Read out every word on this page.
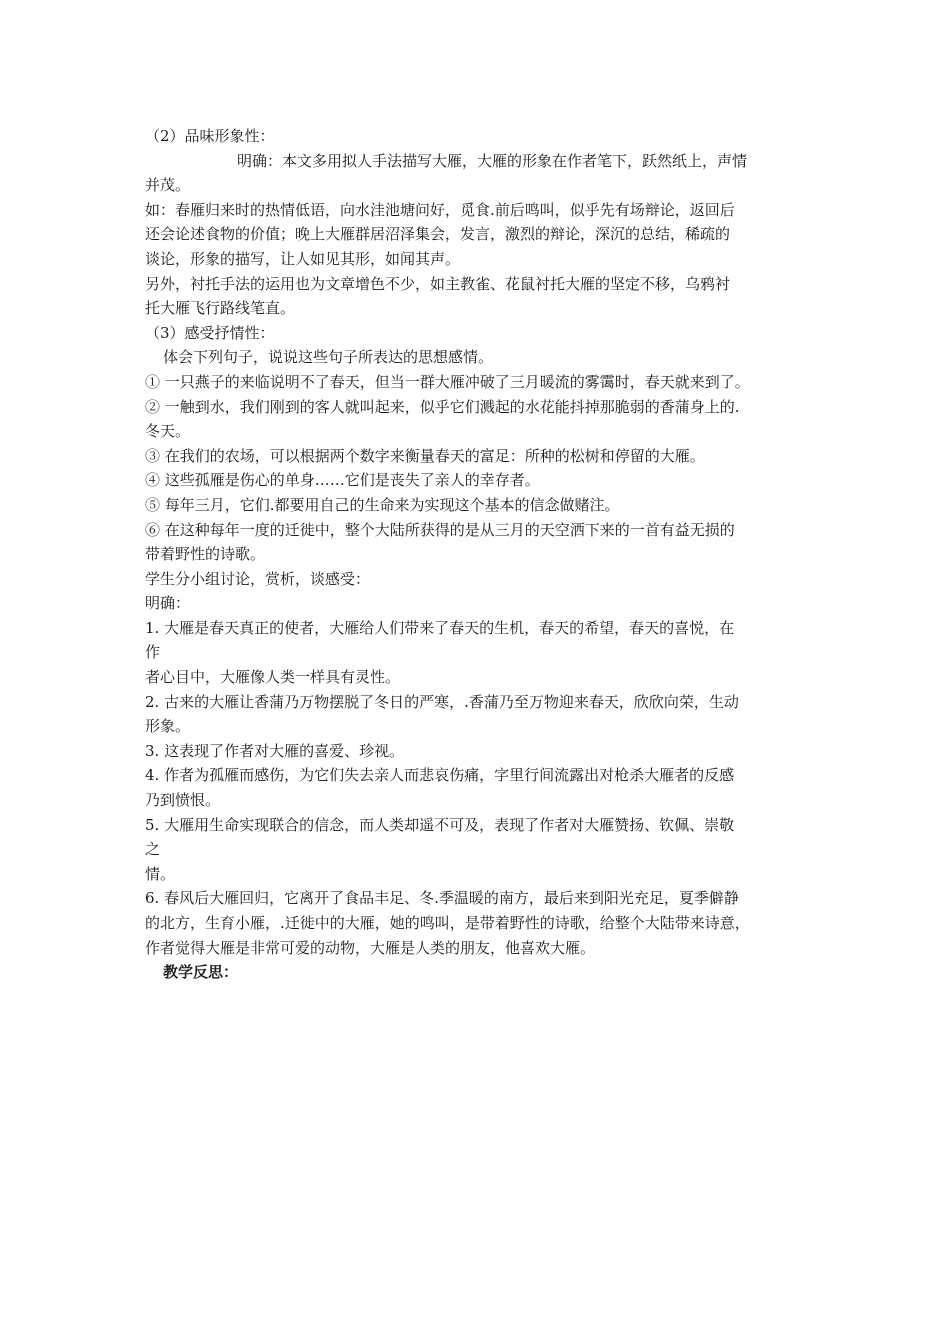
（2）品味形象性：
明确：本文多用拟人手法描写大雁，大雁的形象在作者笔下，跃然纸上，声情
并茂。
如：春雁归来时的热情低语，向水洼池塘问好，觅食.前后鸣叫，似乎先有场辩论，返回后
还会论述食物的价值；晚上大雁群居沼泽集会，发言，激烈的辩论，深沉的总结，稀疏的
谈论，形象的描写，让人如见其形，如闻其声。
另外，衬托手法的运用也为文章增色不少，如主教雀、花鼠衬托大雁的坚定不移，乌鸦衬
托大雁飞行路线笔直。
（3）感受抒情性：
体会下列句子，说说这些句子所表达的思想感情。
① 一只燕子的来临说明不了春天，但当一群大雁冲破了三月暖流的雾霭时，春天就来到了。
② 一触到水，我们刚到的客人就叫起来，似乎它们溅起的水花能抖掉那脆弱的香蒲身上的.
冬天。
③ 在我们的农场，可以根据两个数字来衡量春天的富足：所种的松树和停留的大雁。
④ 这些孤雁是伤心的单身……它们是丧失了亲人的幸存者。
⑤ 每年三月，它们.都要用自己的生命来为实现这个基本的信念做赌注。
⑥ 在这种每年一度的迁徙中，整个大陆所获得的是从三月的天空洒下来的一首有益无损的
带着野性的诗歌。
学生分小组讨论，赏析，谈感受：
明确：
1. 大雁是春天真正的使者，大雁给人们带来了春天的生机，春天的希望，春天的喜悦，在
作
者心目中，大雁像人类一样具有灵性。
2. 古来的大雁让香蒲乃万物摆脱了冬日的严寒，.香蒲乃至万物迎来春天，欣欣向荣，生动
形象。
3. 这表现了作者对大雁的喜爱、珍视。
4. 作者为孤雁而感伤，为它们失去亲人而悲哀伤痛，字里行间流露出对枪杀大雁者的反感
乃到愤恨。
5. 大雁用生命实现联合的信念，而人类却遥不可及，表现了作者对大雁赞扬、钦佩、崇敬
之
情。
6. 春风后大雁回归，它离开了食品丰足、冬.季温暖的南方，最后来到阳光充足，夏季僻静
的北方，生育小雁，.迁徙中的大雁，她的鸣叫，是带着野性的诗歌，给整个大陆带来诗意，
作者觉得大雁是非常可爱的动物，大雁是人类的朋友，他喜欢大雁。
教学反思：
